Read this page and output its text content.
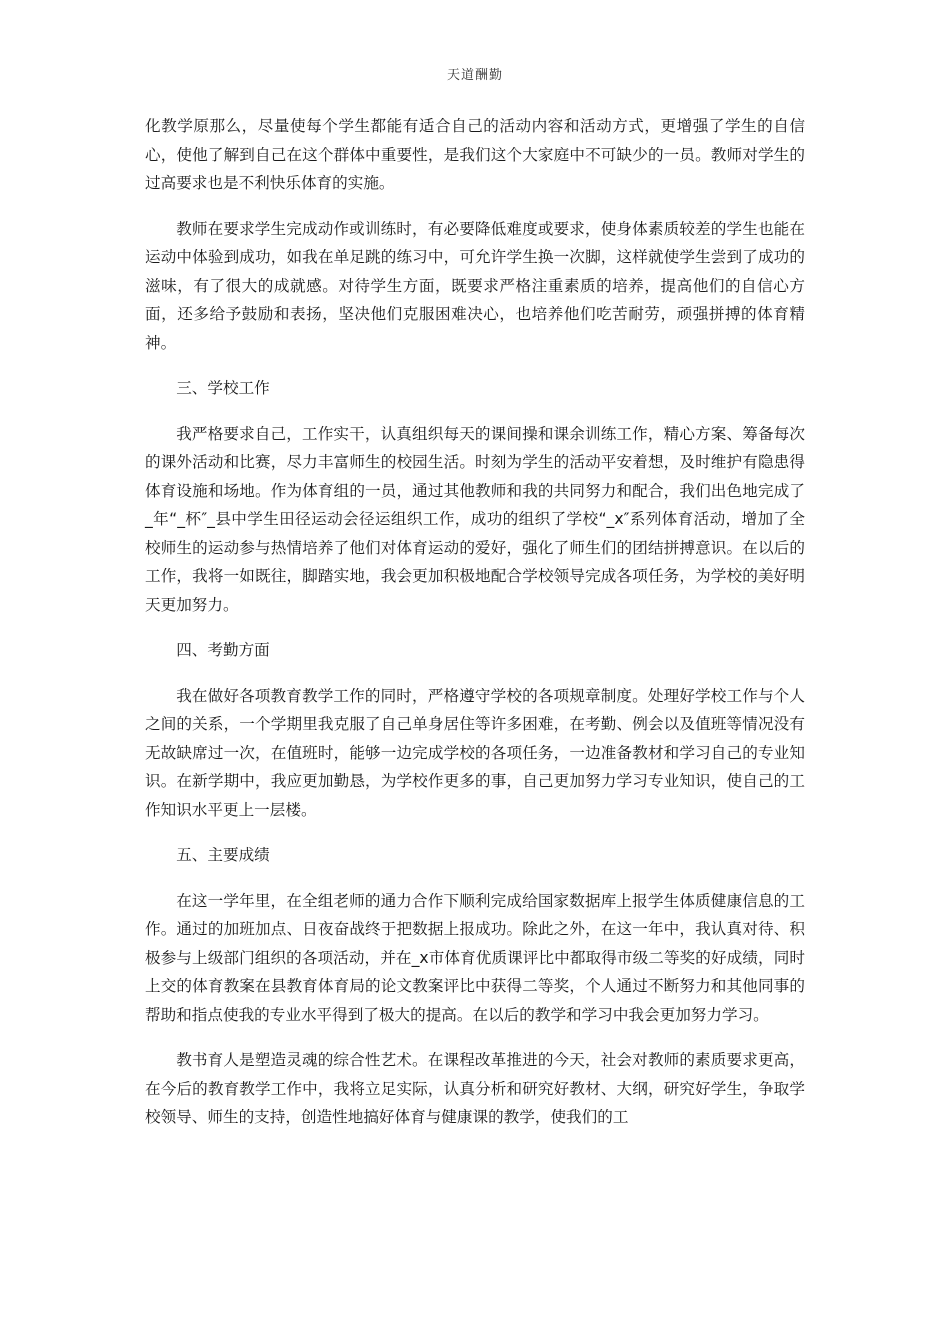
天道酬勤

化教学原那么，尽量使每个学生都能有适合自己的活动内容和活动方式，更增强了学生的自信心，使他了解到自己在这个群体中重要性，是我们这个大家庭中不可缺少的一员。教师对学生的过高要求也是不利快乐体育的实施。

教师在要求学生完成动作或训练时，有必要降低难度或要求，使身体素质较差的学生也能在运动中体验到成功，如我在单足跳的练习中，可允许学生换一次脚，这样就使学生尝到了成功的滋味，有了很大的成就感。对待学生方面，既要求严格注重素质的培养，提高他们的自信心方面，还多给予鼓励和表扬，坚决他们克服困难决心，也培养他们吃苦耐劳，顽强拼搏的体育精神。

三、学校工作

我严格要求自己，工作实干，认真组织每天的课间操和课余训练工作，精心方案、筹备每次的课外活动和比赛，尽力丰富师生的校园生活。时刻为学生的活动平安着想，及时维护有隐患得体育设施和场地。作为体育组的一员，通过其他教师和我的共同努力和配合，我们出色地完成了_年“_杯″_县中学生田径运动会径运组织工作，成功的组织了学校“_x″系列体育活动，增加了全校师生的运动参与热情培养了他们对体育运动的爱好，强化了师生们的团结拼搏意识。在以后的工作，我将一如既往，脚踏实地，我会更加积极地配合学校领导完成各项任务，为学校的美好明天更加努力。

四、考勤方面

我在做好各项教育教学工作的同时，严格遵守学校的各项规章制度。处理好学校工作与个人之间的关系，一个学期里我克服了自己单身居住等许多困难，在考勤、例会以及值班等情况没有无故缺席过一次，在值班时，能够一边完成学校的各项任务，一边准备教材和学习自己的专业知识。在新学期中，我应更加勤恳，为学校作更多的事，自己更加努力学习专业知识，使自己的工作知识水平更上一层楼。

五、主要成绩

在这一学年里，在全组老师的通力合作下顺利完成给国家数据库上报学生体质健康信息的工作。通过的加班加点、日夜奋战终于把数据上报成功。除此之外，在这一年中，我认真对待、积极参与上级部门组织的各项活动，并在_x市体育优质课评比中都取得市级二等奖的好成绩，同时上交的体育教案在县教育体育局的论文教案评比中获得二等奖，个人通过不断努力和其他同事的帮助和指点使我的专业水平得到了极大的提高。在以后的教学和学习中我会更加努力学习。

教书育人是塑造灵魂的综合性艺术。在课程改革推进的今天，社会对教师的素质要求更高，在今后的教育教学工作中，我将立足实际，认真分析和研究好教材、大纲，研究好学生，争取学校领导、师生的支持，创造性地搞好体育与健康课的教学，使我们的工
